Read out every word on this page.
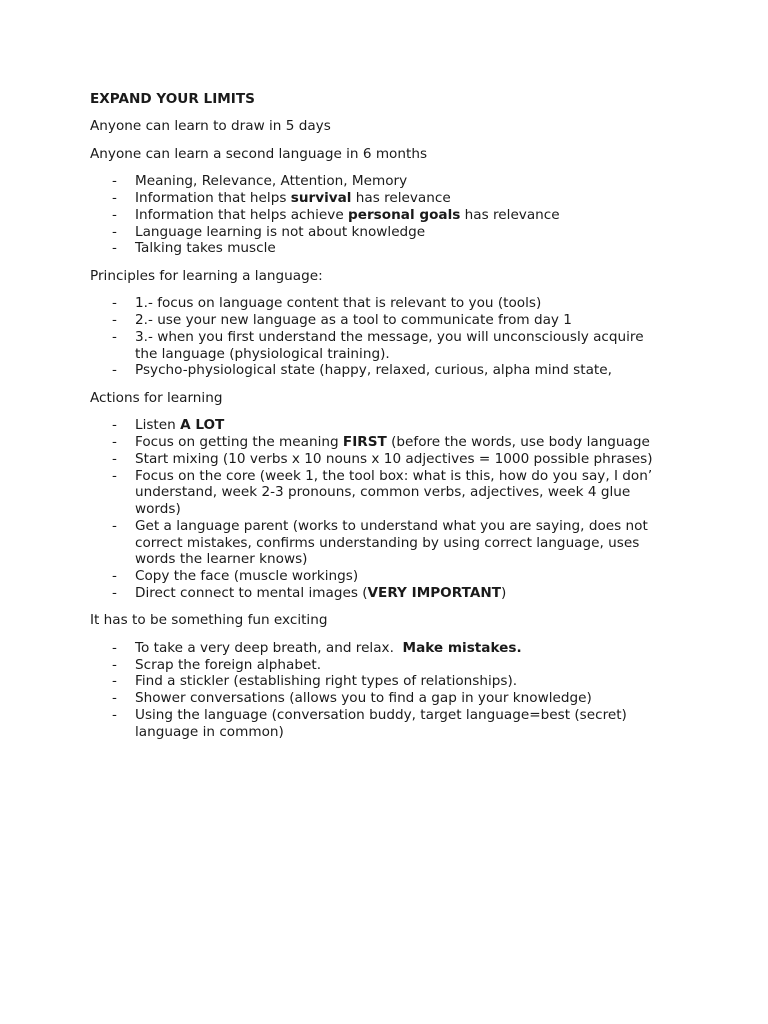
EXPAND YOUR LIMITS
Anyone can learn to draw in 5 days
Anyone can learn a second language in 6 months
- Meaning, Relevance, Attention, Memory
- Information that helps survival has relevance
- Information that helps achieve personal goals has relevance
- Language learning is not about knowledge
- Talking takes muscle
Principles for learning a language:
- 1.- focus on language content that is relevant to you (tools)
- 2.- use your new language as a tool to communicate from day 1
- 3.- when you first understand the message, you will unconsciously acquire
the language (physiological training).
- Psycho-physiological state (happy, relaxed, curious, alpha mind state,
Actions for learning
- Listen A LOT
- Focus on getting the meaning FIRST (before the words, use body language
- Start mixing (10 verbs x 10 nouns x 10 adjectives = 1000 possible phrases)
- Focus on the core (week 1, the tool box: what is this, how do you say, I don’
understand, week 2-3 pronouns, common verbs, adjectives, week 4 glue
words)
- Get a language parent (works to understand what you are saying, does not
correct mistakes, confirms understanding by using correct language, uses
words the learner knows)
- Copy the face (muscle workings)
- Direct connect to mental images (VERY IMPORTANT)
It has to be something fun exciting
- To take a very deep breath, and relax.  Make mistakes.
- Scrap the foreign alphabet.
- Find a stickler (establishing right types of relationships).
- Shower conversations (allows you to find a gap in your knowledge)
- Using the language (conversation buddy, target language=best (secret)
language in common)
